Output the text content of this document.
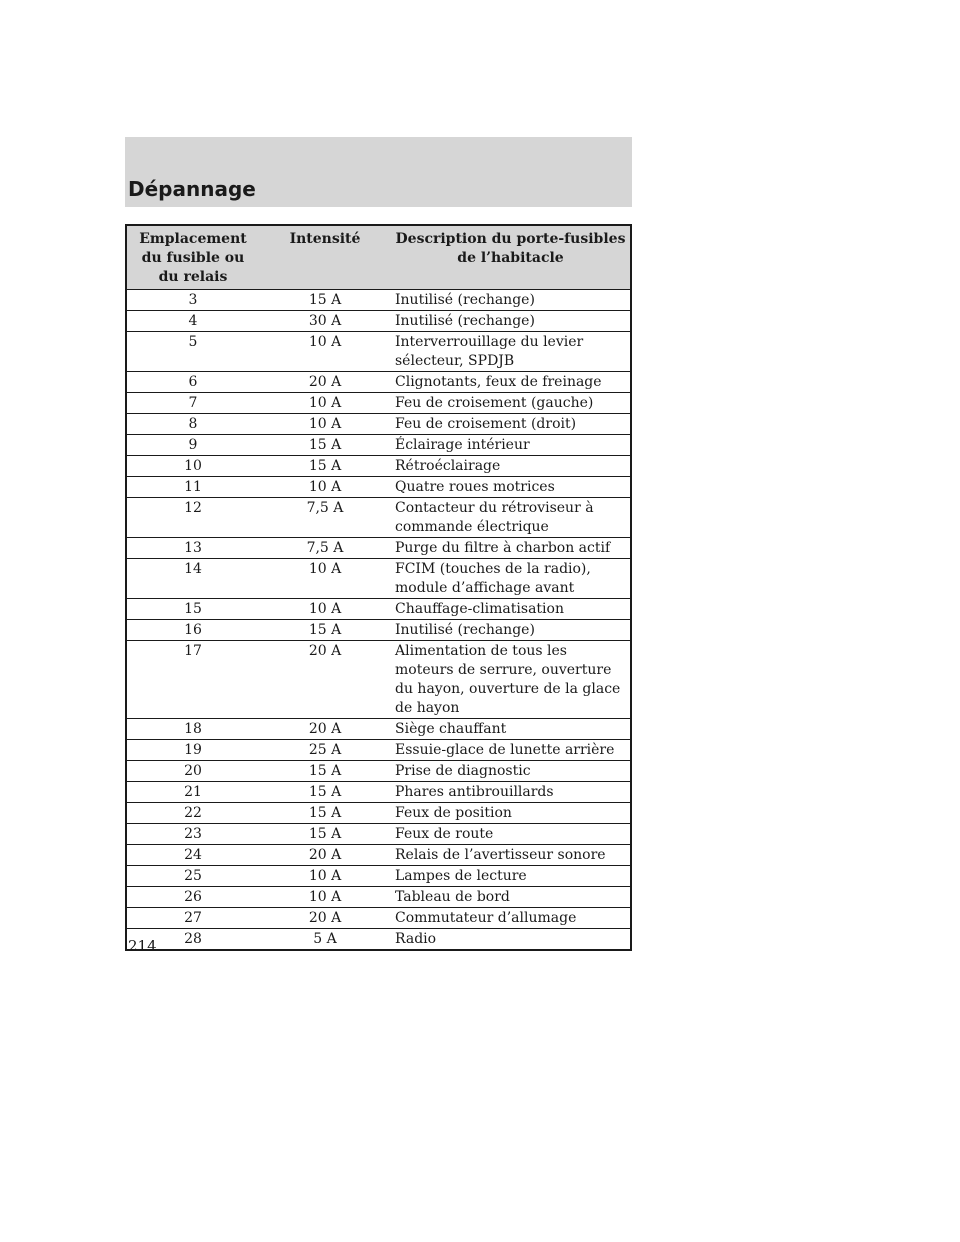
Dépannage
Emplacement du fusible ou du relais	Intensité	Description du porte-fusibles de l’habitacle
3	15 A	Inutilisé (rechange)
4	30 A	Inutilisé (rechange)
5	10 A	Interverrouillage du levier sélecteur, SPDJB
6	20 A	Clignotants, feux de freinage
7	10 A	Feu de croisement (gauche)
8	10 A	Feu de croisement (droit)
9	15 A	Éclairage intérieur
10	15 A	Rétroéclairage
11	10 A	Quatre roues motrices
12	7,5 A	Contacteur du rétroviseur à commande électrique
13	7,5 A	Purge du filtre à charbon actif
14	10 A	FCIM (touches de la radio), module d’affichage avant
15	10 A	Chauffage-climatisation
16	15 A	Inutilisé (rechange)
17	20 A	Alimentation de tous les moteurs de serrure, ouverture du hayon, ouverture de la glace de hayon
18	20 A	Siège chauffant
19	25 A	Essuie-glace de lunette arrière
20	15 A	Prise de diagnostic
21	15 A	Phares antibrouillards
22	15 A	Feux de position
23	15 A	Feux de route
24	20 A	Relais de l’avertisseur sonore
25	10 A	Lampes de lecture
26	10 A	Tableau de bord
27	20 A	Commutateur d’allumage
28	5 A	Radio
214
